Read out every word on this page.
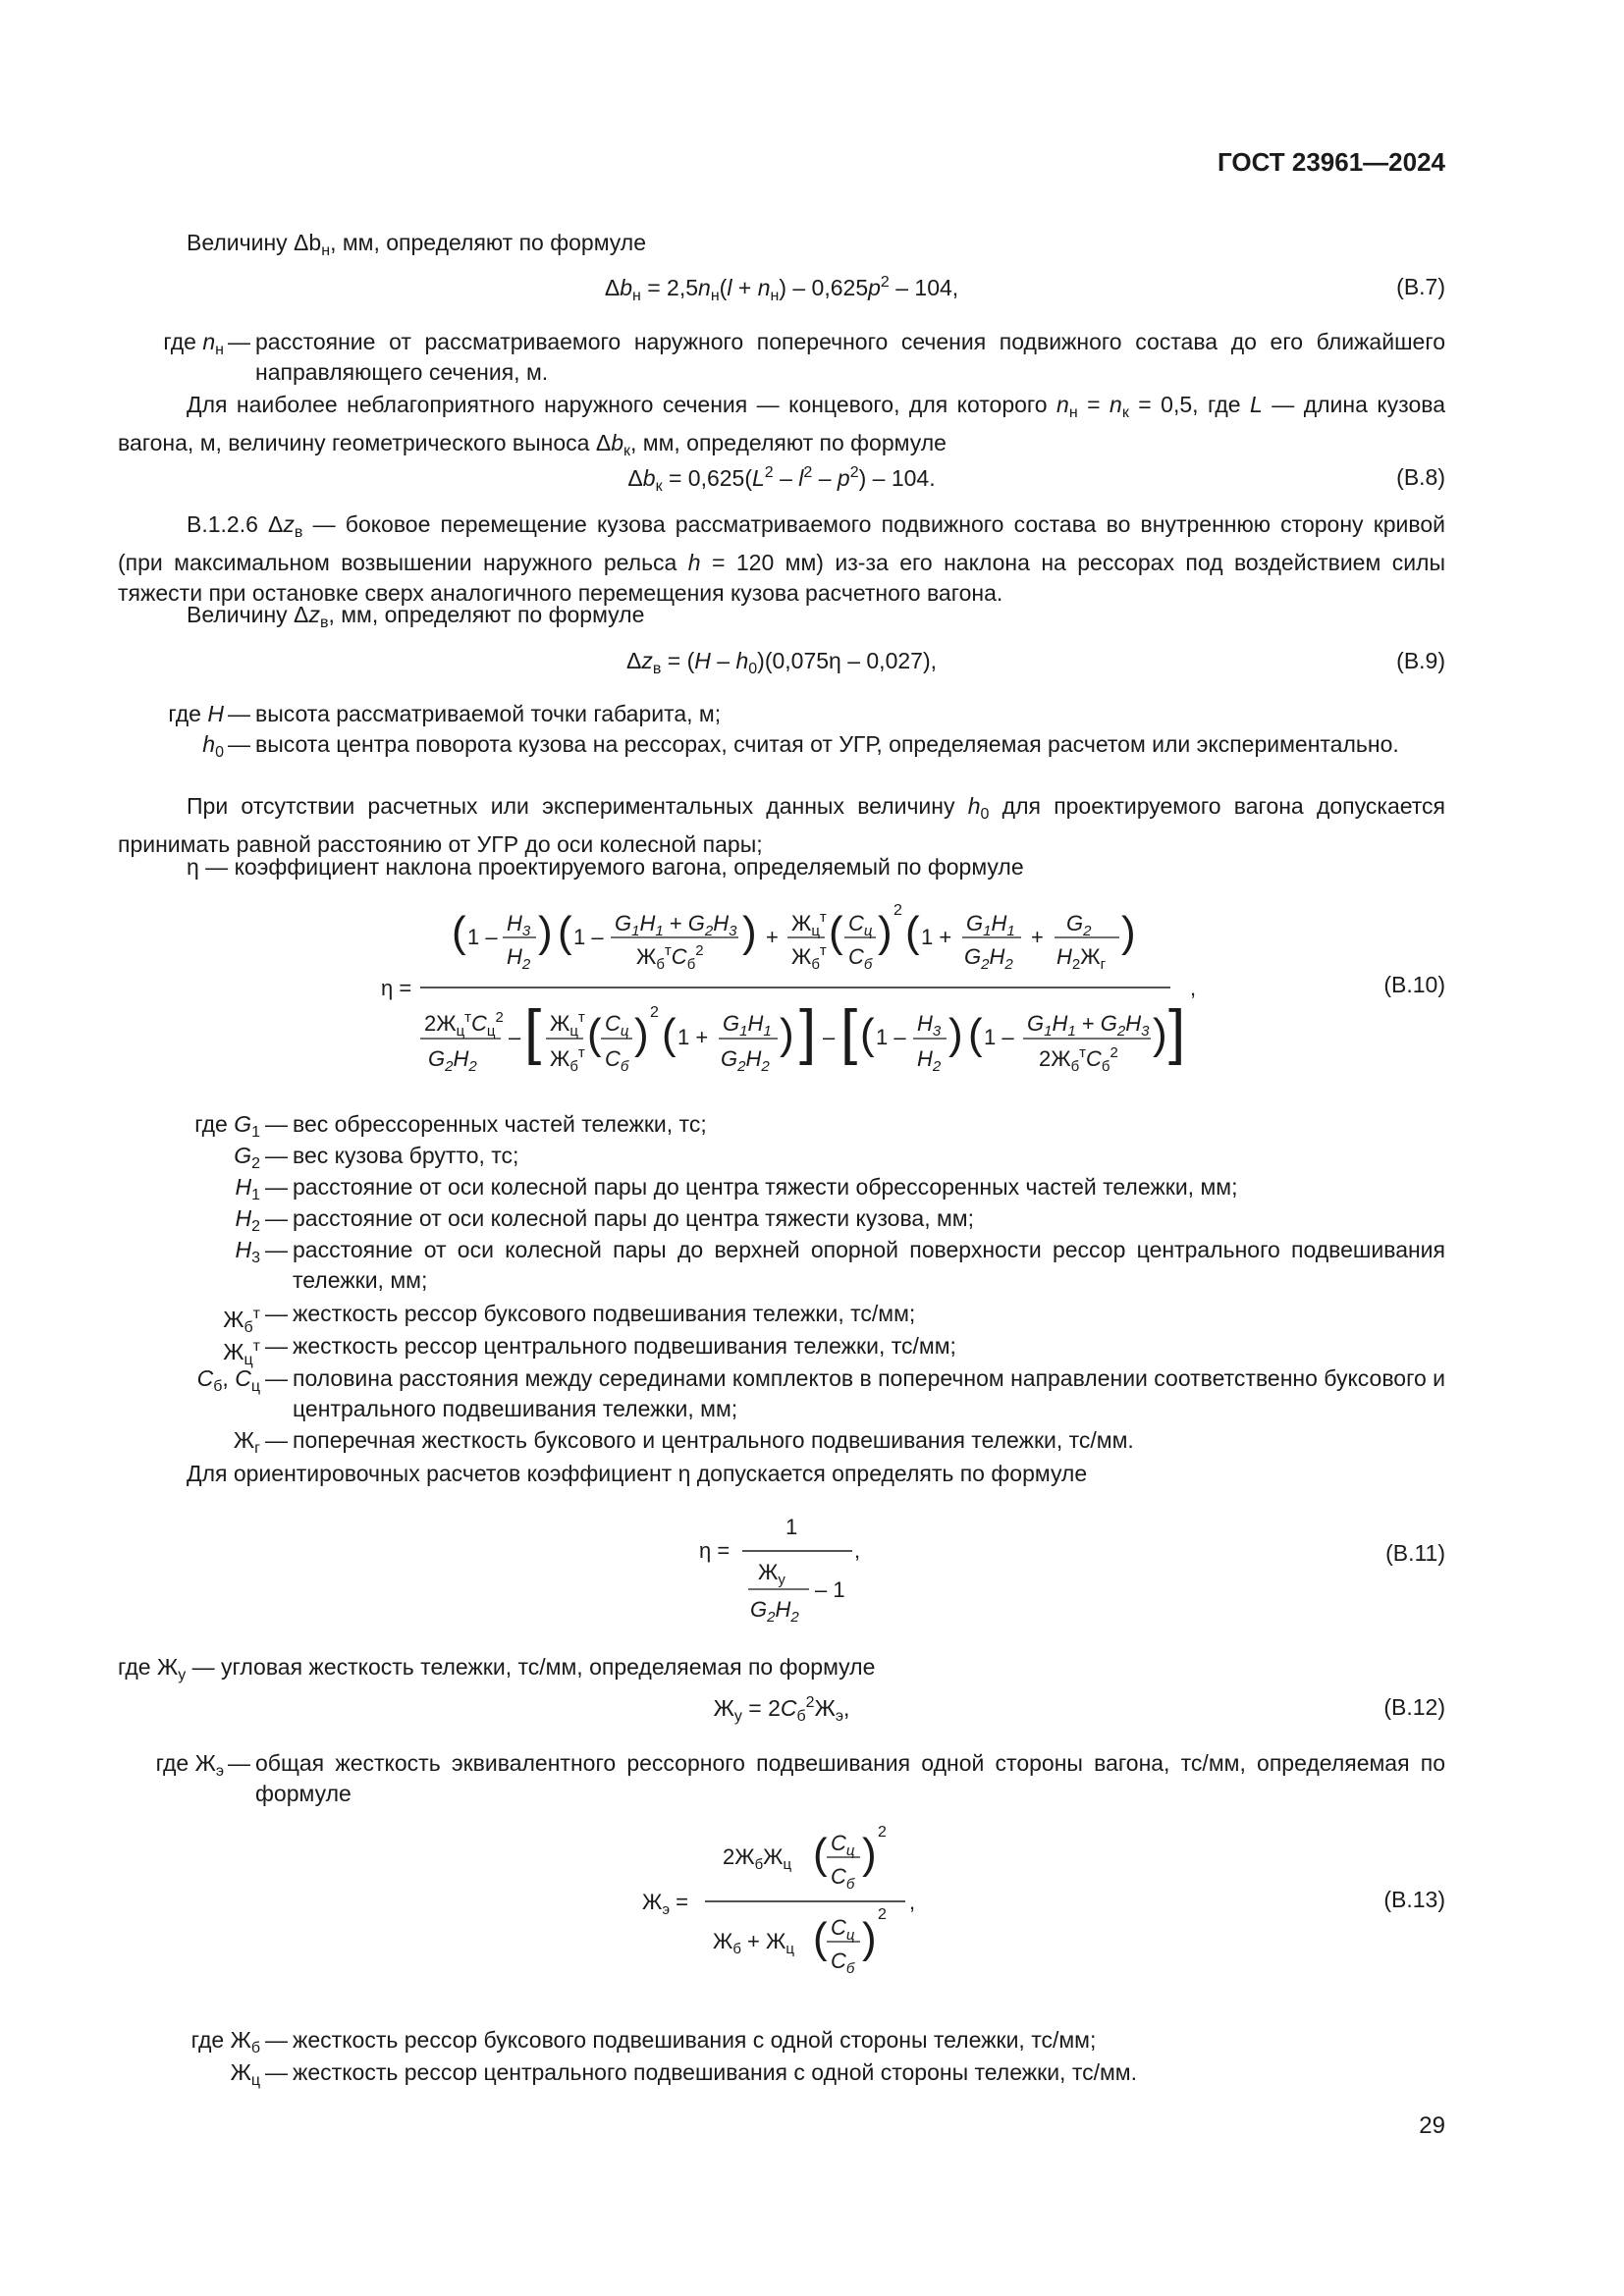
ГОСТ 23961—2024
Величину $\Delta b_н$, мм, определяют по формуле
$\Delta b_н = 2,5n_н(l + n_н) - 0,625p^2 - 104$,	(В.7)
где $n_н$ — расстояние от рассматриваемого наружного поперечного сечения подвижного состава до его ближайшего направляющего сечения, м.
Для наиболее неблагоприятного наружного сечения — концевого, для которого $n_н = n_к = 0,5$, где L — длина кузова вагона, м, величину геометрического выноса $\Delta b_к$, мм, определяют по формуле
$\Delta b_к = 0,625(L^2 - l^2 - p^2) - 104$.	(В.8)
В.1.2.6 $\Delta z_в$ — боковое перемещение кузова рассматриваемого подвижного состава во внутреннюю сторону кривой (при максимальном возвышении наружного рельса h = 120 мм) из-за его наклона на рессорах под воздействием силы тяжести при остановке сверх аналогичного перемещения кузова расчетного вагона.
Величину $\Delta z_в$, мм, определяют по формуле
$\Delta z_в = (H - h_0)(0,075\eta - 0,027)$,	(В.9)
где H — высота рассматриваемой точки габарита, м;
$h_0$ — высота центра поворота кузова на рессорах, считая от УГР, определяемая расчетом или экспериментально.
При отсутствии расчетных или экспериментальных данных величину $h_0$ для проектируемого вагона допускается принимать равной расстоянию от УГР до оси колесной пары;
η — коэффициент наклона проектируемого вагона, определяемый по формуле
η =
( 1 –
$H_3$
$H_2$
) ( 1 –
$G_1H_1 + G_2H_3$
$Ж_б^тC_б^2$ ) +
$Ж_ц^т$
$Ж_б^т$ ( $C_ц$
$C_б$
) 2 ( 1 +
$G_1H_1$
$G_2H_2$
+
$G_2$
$H_2Ж_г$
)
$2Ж_ц^тC_ц^2$
$G_2H_2$
– [ $Ж_ц^т$
$Ж_б^т$ ( $C_ц$
$C_б$
) 2 ( 1 +
$G_1H_1$
$G_2H_2$
) ] – [ ( 1 –
$H_3$
$H_2$
) ( 1 –
$G_1H_1 + G_2H_3$
$2Ж_б^тC_б^2$ ) ]
,	(В.10)
где $G_1$ — вес обрессоренных частей тележки, тс;
$G_2$ — вес кузова брутто, тс;
$H_1$ — расстояние от оси колесной пары до центра тяжести обрессоренных частей тележки, мм;
$H_2$ — расстояние от оси колесной пары до центра тяжести кузова, мм;
$H_3$ — расстояние от оси колесной пары до верхней опорной поверхности рессор центрального подвешивания тележки, мм;
$Ж_б^т$ — жесткость рессор буксового подвешивания тележки, тс/мм;
$Ж_ц^т$ — жесткость рессор центрального подвешивания тележки, тс/мм;
$C_б$, $C_ц$ — половина расстояния между серединами комплектов в поперечном направлении соответственно буксового и центрального подвешивания тележки, мм;
$Ж_г$ — поперечная жесткость буксового и центрального подвешивания тележки, тс/мм.
Для ориентировочных расчетов коэффициент η допускается определять по формуле
η =
1
$Ж_у$
$G_2H_2$
– 1
,	(В.11)
где $Ж_у$ — угловая жесткость тележки, тс/мм, определяемая по формуле
$Ж_у = 2C_б^2Ж_э$,	(В.12)
где $Ж_э$ — общая жесткость эквивалентного рессорного подвешивания одной стороны вагона, тс/мм, определяемая по формуле
$Ж_э$ =
$2Ж_бЖ_ц$ ( $C_ц$
$C_б$
) 2
$Ж_б + Ж_ц$ ( $C_ц$
$C_б$
) 2
,	(В.13)
где $Ж_б$ — жесткость рессор буксового подвешивания с одной стороны тележки, тс/мм;
$Ж_ц$ — жесткость рессор центрального подвешивания с одной стороны тележки, тс/мм.
29
